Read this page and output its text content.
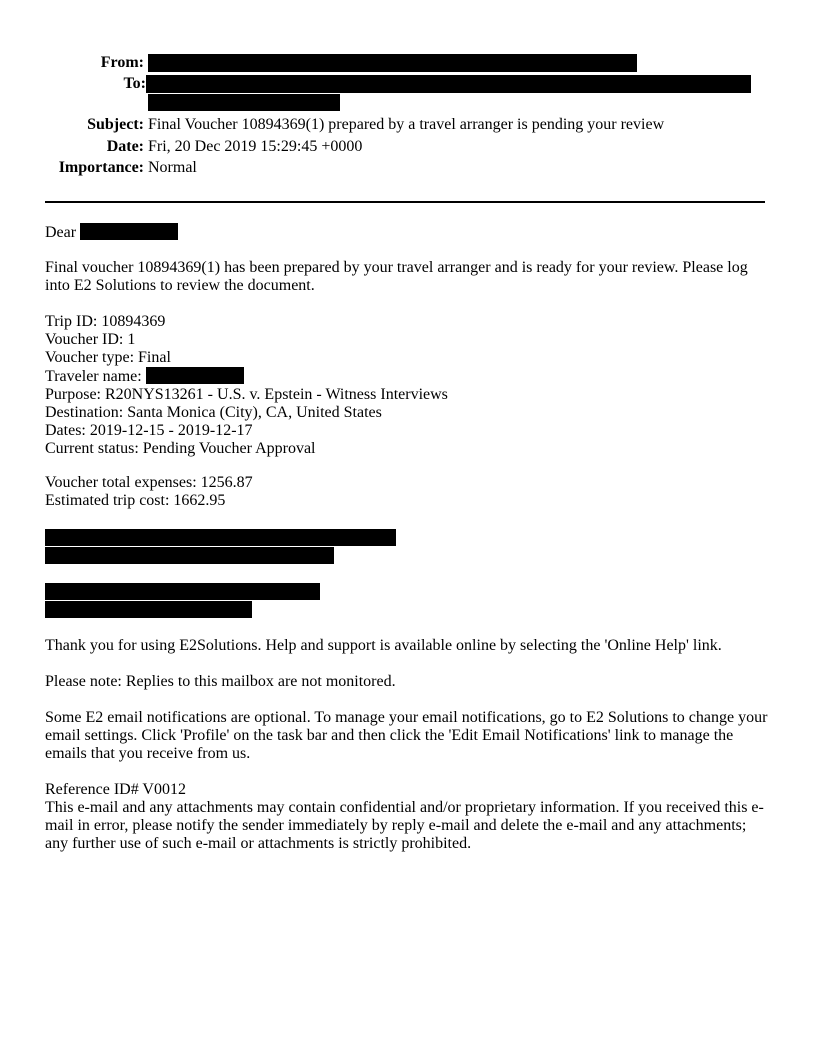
From:
To:
Subject: Final Voucher 10894369(1) prepared by a travel arranger is pending your review
Date: Fri, 20 Dec 2019 15:29:45 +0000
Importance: Normal
Dear
Final voucher 10894369(1) has been prepared by your travel arranger and is ready for your review. Please log into E2 Solutions to review the document.
Trip ID: 10894369
Voucher ID: 1
Voucher type: Final
Traveler name:
Purpose: R20NYS13261 - U.S. v. Epstein - Witness Interviews
Destination: Santa Monica (City), CA, United States
Dates: 2019-12-15 - 2019-12-17
Current status: Pending Voucher Approval
Voucher total expenses: 1256.87
Estimated trip cost: 1662.95
Thank you for using E2Solutions. Help and support is available online by selecting the 'Online Help' link.
Please note: Replies to this mailbox are not monitored.
Some E2 email notifications are optional. To manage your email notifications, go to E2 Solutions to change your email settings. Click 'Profile' on the task bar and then click the 'Edit Email Notifications' link to manage the emails that you receive from us.
Reference ID# V0012
This e-mail and any attachments may contain confidential and/or proprietary information. If you received this e-mail in error, please notify the sender immediately by reply e-mail and delete the e-mail and any attachments; any further use of such e-mail or attachments is strictly prohibited.
